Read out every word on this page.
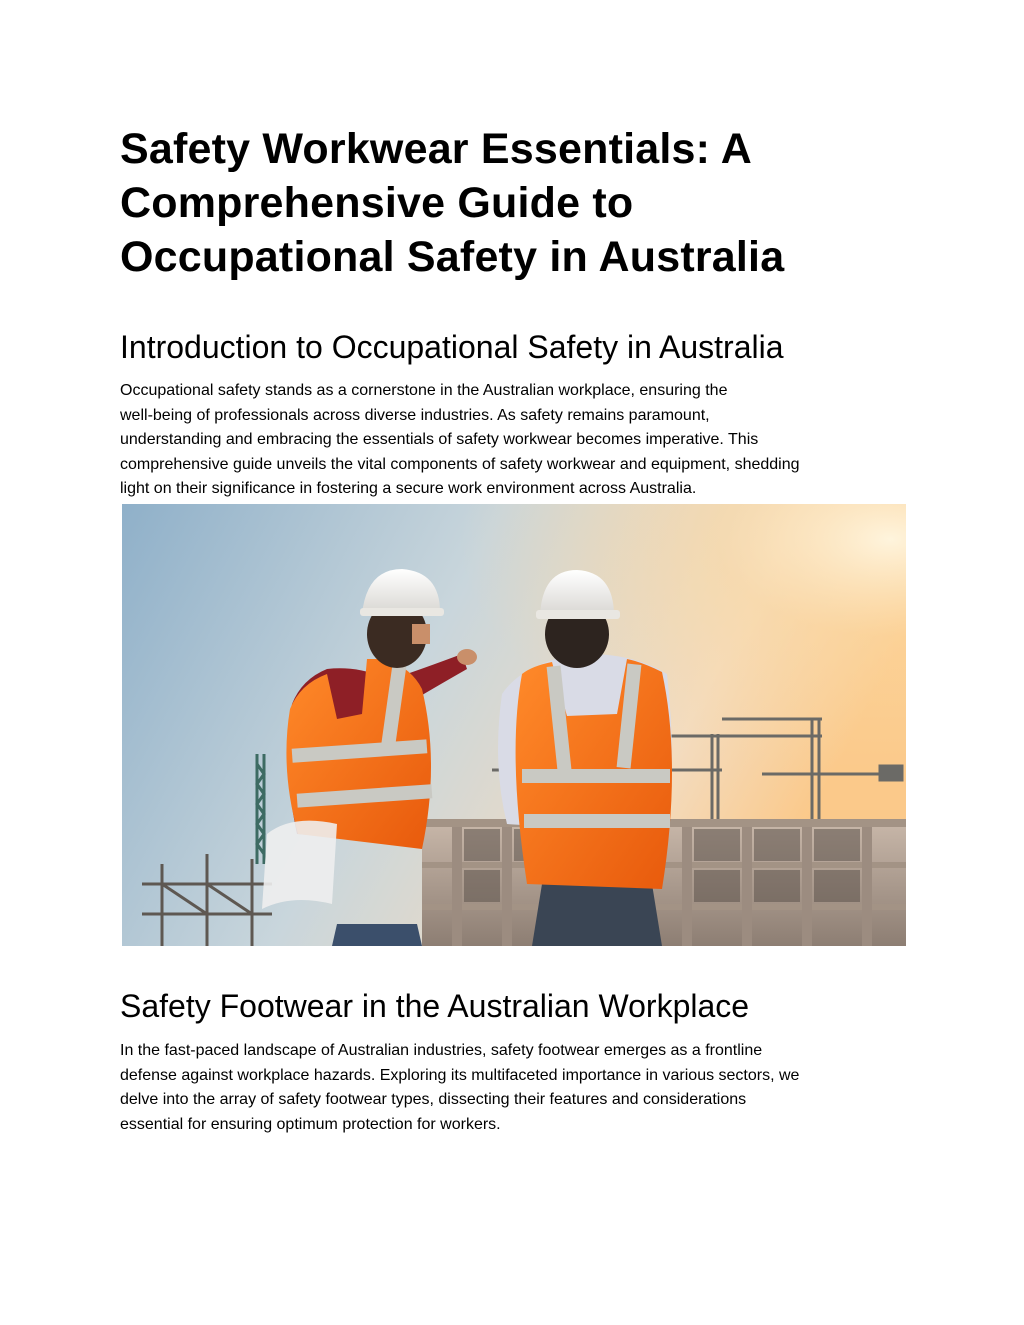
Safety Workwear Essentials: A
Comprehensive Guide to
Occupational Safety in Australia
Introduction to Occupational Safety in Australia

Occupational safety stands as a cornerstone in the Australian workplace, ensuring the
well-being of professionals across diverse industries. As safety remains paramount,
understanding and embracing the essentials of safety workwear becomes imperative. This
comprehensive guide unveils the vital components of safety workwear and equipment, shedding
light on their significance in fostering a secure work environment across Australia.

Safety Footwear in the Australian Workplace

In the fast-paced landscape of Australian industries, safety footwear emerges as a frontline
defense against workplace hazards. Exploring its multifaceted importance in various sectors, we
delve into the array of safety footwear types, dissecting their features and considerations
essential for ensuring optimum protection for workers.
